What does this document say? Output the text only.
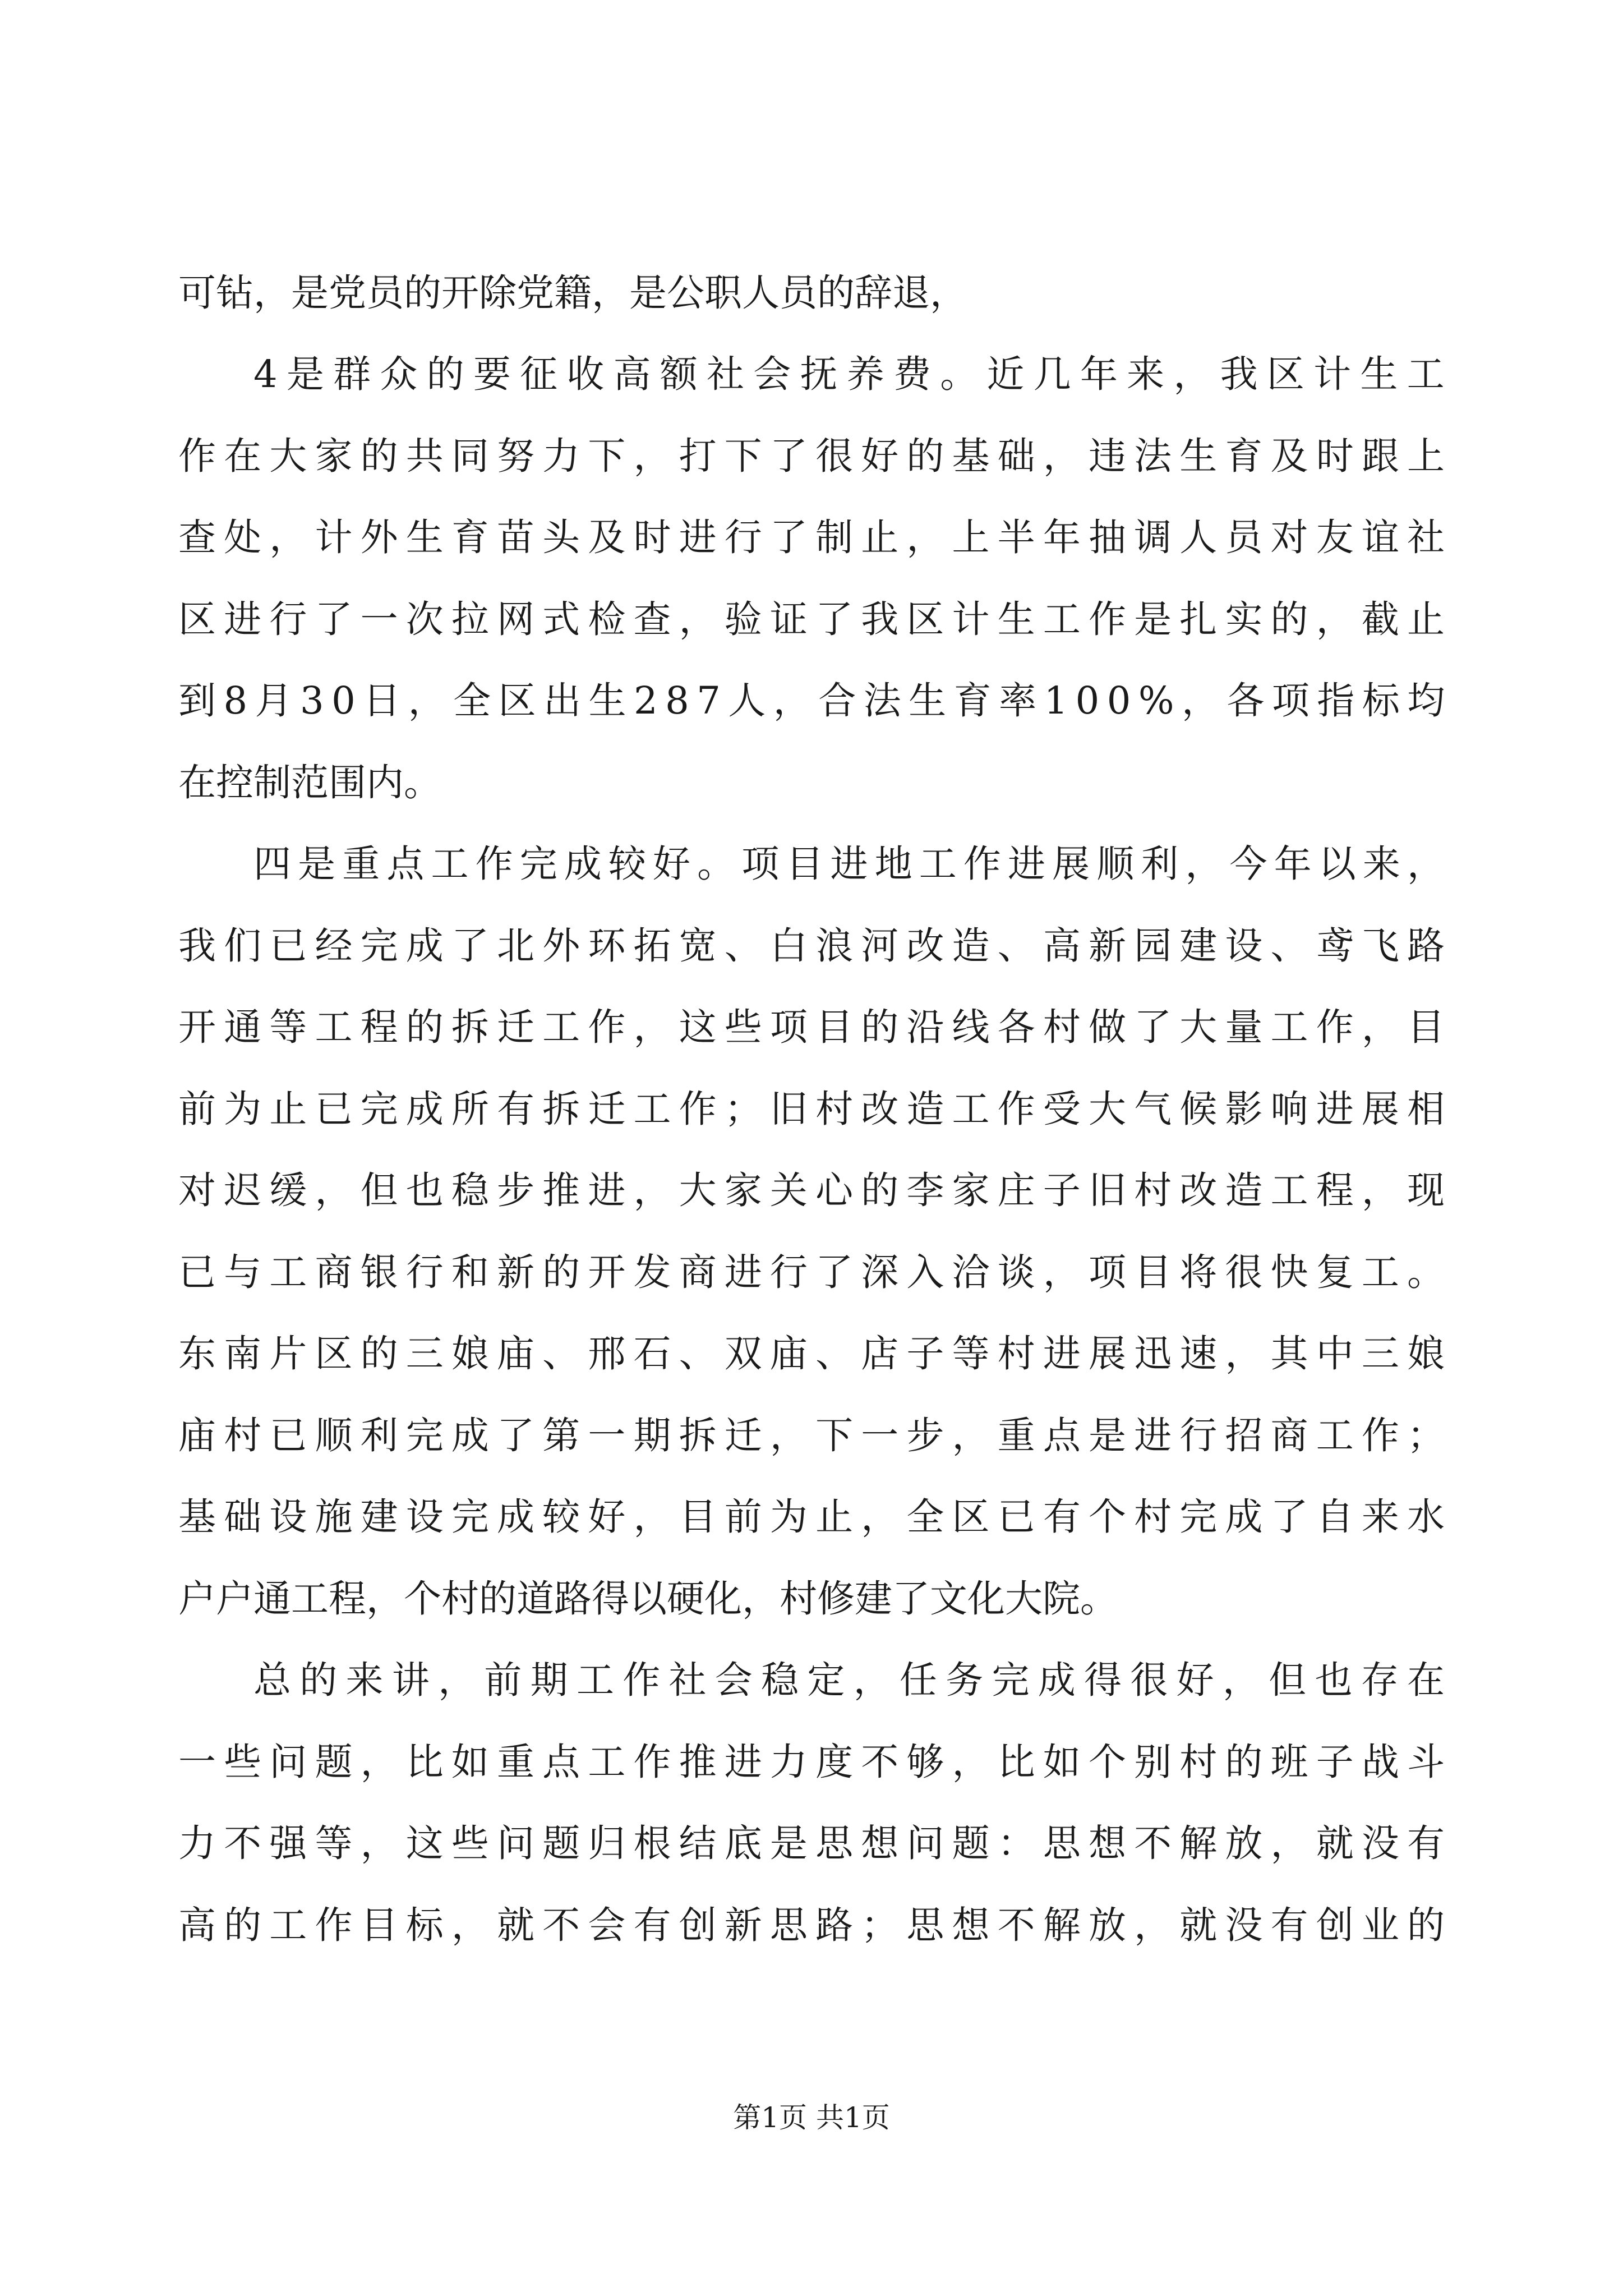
可钻，是党员的开除党籍，是公职人员的辞退，
4是群众的要征收高额社会抚养费。近几年来，我区计生工
作在大家的共同努力下，打下了很好的基础，违法生育及时跟上
查处，计外生育苗头及时进行了制止，上半年抽调人员对友谊社
区进行了一次拉网式检查，验证了我区计生工作是扎实的，截止
到8月30日，全区出生287人，合法生育率100%，各项指标均
在控制范围内。
四是重点工作完成较好。项目进地工作进展顺利，今年以来，
我们已经完成了北外环拓宽、白浪河改造、高新园建设、鸢飞路
开通等工程的拆迁工作，这些项目的沿线各村做了大量工作，目
前为止已完成所有拆迁工作；旧村改造工作受大气候影响进展相
对迟缓，但也稳步推进，大家关心的李家庄子旧村改造工程，现
已与工商银行和新的开发商进行了深入洽谈，项目将很快复工。
东南片区的三娘庙、邢石、双庙、店子等村进展迅速，其中三娘
庙村已顺利完成了第一期拆迁，下一步，重点是进行招商工作；
基础设施建设完成较好，目前为止，全区已有个村完成了自来水
户户通工程，个村的道路得以硬化，村修建了文化大院。
总的来讲，前期工作社会稳定，任务完成得很好，但也存在
一些问题，比如重点工作推进力度不够，比如个别村的班子战斗
力不强等，这些问题归根结底是思想问题：思想不解放，就没有
高的工作目标，就不会有创新思路；思想不解放，就没有创业的
第1页 共1页
